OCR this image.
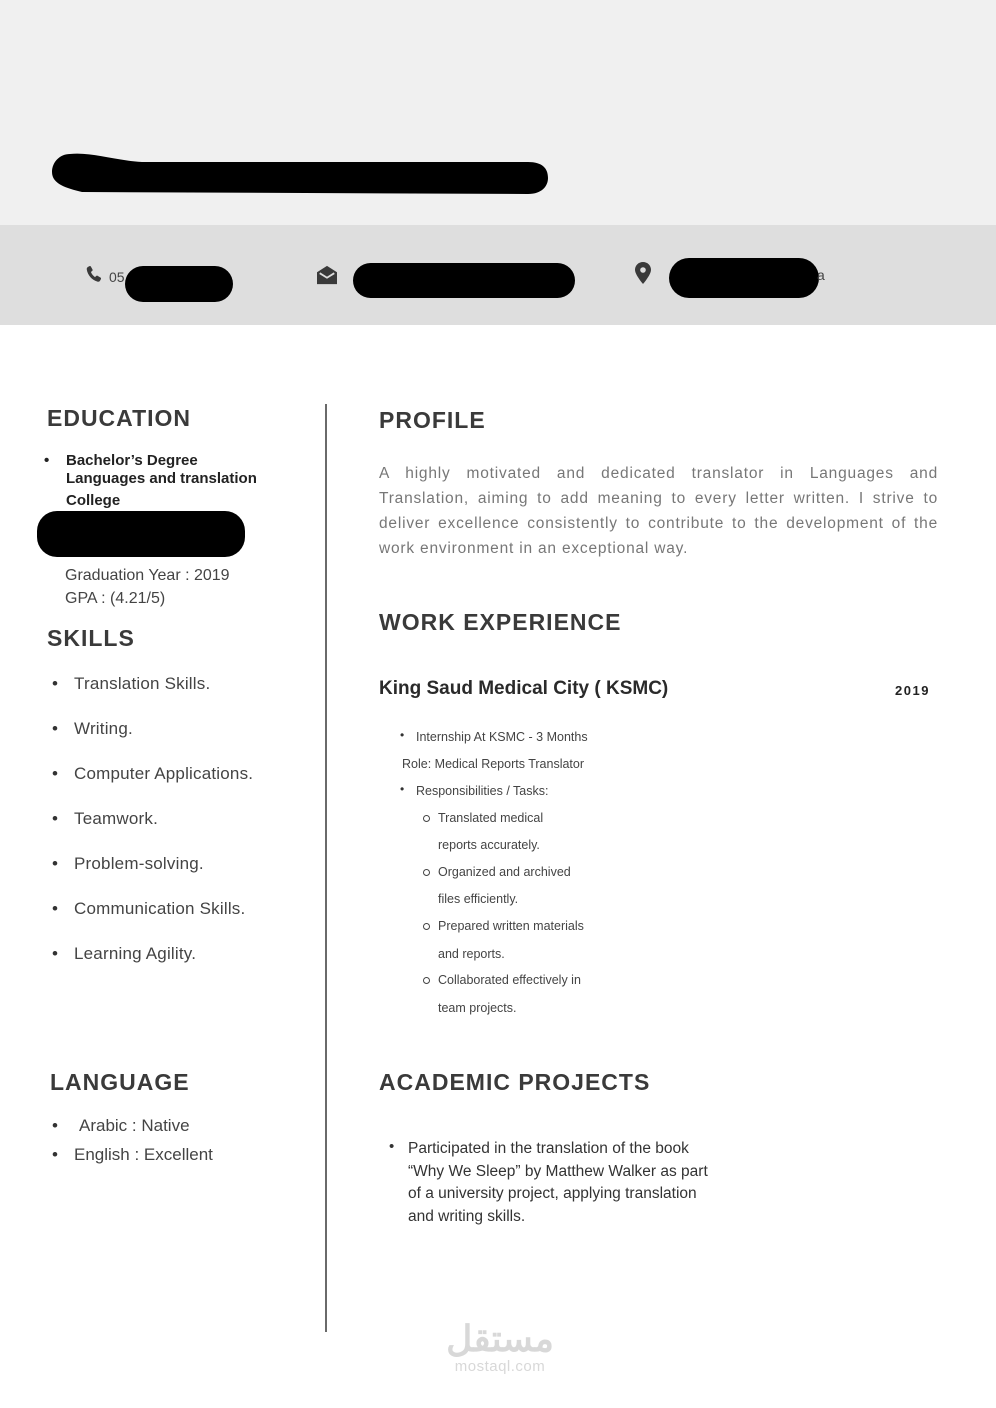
05	a
EDUCATION
• Bachelor’s Degree
Languages and translation
College
Graduation Year : 2019
GPA : (4.21/5)
SKILLS
• Translation Skills.
• Writing.
• Computer Applications.
• Teamwork.
• Problem-solving.
• Communication Skills.
• Learning Agility.
LANGUAGE
• Arabic : Native
• English : Excellent
PROFILE

A highly motivated and dedicated translator in Languages and Translation, aiming to add meaning to every letter written. I strive to deliver excellence consistently to contribute to the development of the work environment in an exceptional way.

WORK EXPERIENCE
King Saud Medical City ( KSMC)	2019
• Internship At KSMC - 3 Months
Role: Medical Reports Translator
• Responsibilities / Tasks:
Translated medical
reports accurately.
Organized and archived
files efficiently.
Prepared written materials
and reports.
Collaborated effectively in
team projects.
ACADEMIC PROJECTS
• Participated in the translation of the book
“Why We Sleep” by Matthew Walker as part
of a university project, applying translation
and writing skills.

مستقل
mostaql.com
